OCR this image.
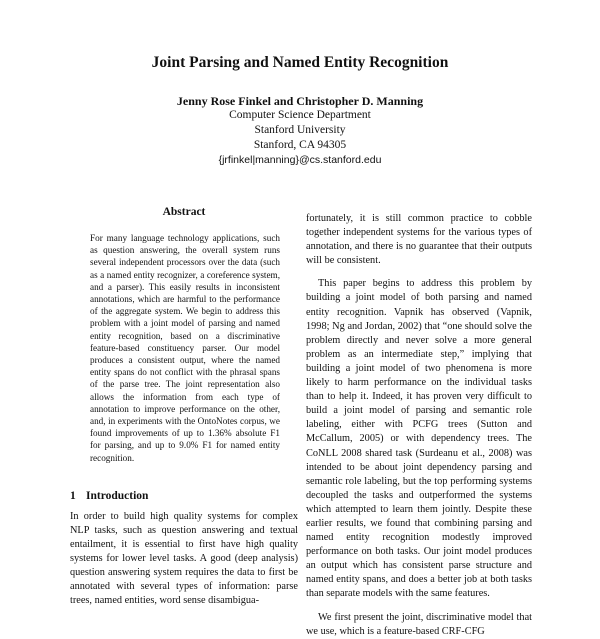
Joint Parsing and Named Entity Recognition
Jenny Rose Finkel and Christopher D. Manning
Computer Science Department
Stanford University
Stanford, CA 94305
{jrfinkel|manning}@cs.stanford.edu
Abstract

For many language technology applications, such as question answering, the overall system runs several independent processors over the data (such as a named entity recognizer, a coreference system, and a parser). This easily results in inconsistent annotations, which are harmful to the performance of the aggregate system. We begin to address this problem with a joint model of parsing and named entity recognition, based on a discriminative feature-based constituency parser. Our model produces a consistent output, where the named entity spans do not conflict with the phrasal spans of the parse tree. The joint representation also allows the information from each type of annotation to improve performance on the other, and, in experiments with the OntoNotes corpus, we found improvements of up to 1.36% absolute F1 for parsing, and up to 9.0% F1 for named entity recognition.

1 Introduction

In order to build high quality systems for complex NLP tasks, such as question answering and textual entailment, it is essential to first have high quality systems for lower level tasks. A good (deep analysis) question answering system requires the data to first be annotated with several types of information: parse trees, named entities, word sense disambigua-

fortunately, it is still common practice to cobble together independent systems for the various types of annotation, and there is no guarantee that their outputs will be consistent.

This paper begins to address this problem by building a joint model of both parsing and named entity recognition. Vapnik has observed (Vapnik, 1998; Ng and Jordan, 2002) that “one should solve the problem directly and never solve a more general problem as an intermediate step,” implying that building a joint model of two phenomena is more likely to harm performance on the individual tasks than to help it. Indeed, it has proven very difficult to build a joint model of parsing and semantic role labeling, either with PCFG trees (Sutton and McCallum, 2005) or with dependency trees. The CoNLL 2008 shared task (Surdeanu et al., 2008) was intended to be about joint dependency parsing and semantic role labeling, but the top performing systems decoupled the tasks and outperformed the systems which attempted to learn them jointly. Despite these earlier results, we found that combining parsing and named entity recognition modestly improved performance on both tasks. Our joint model produces an output which has consistent parse structure and named entity spans, and does a better job at both tasks than separate models with the same features.

We first present the joint, discriminative model that we use, which is a feature-based CRF-CFG
